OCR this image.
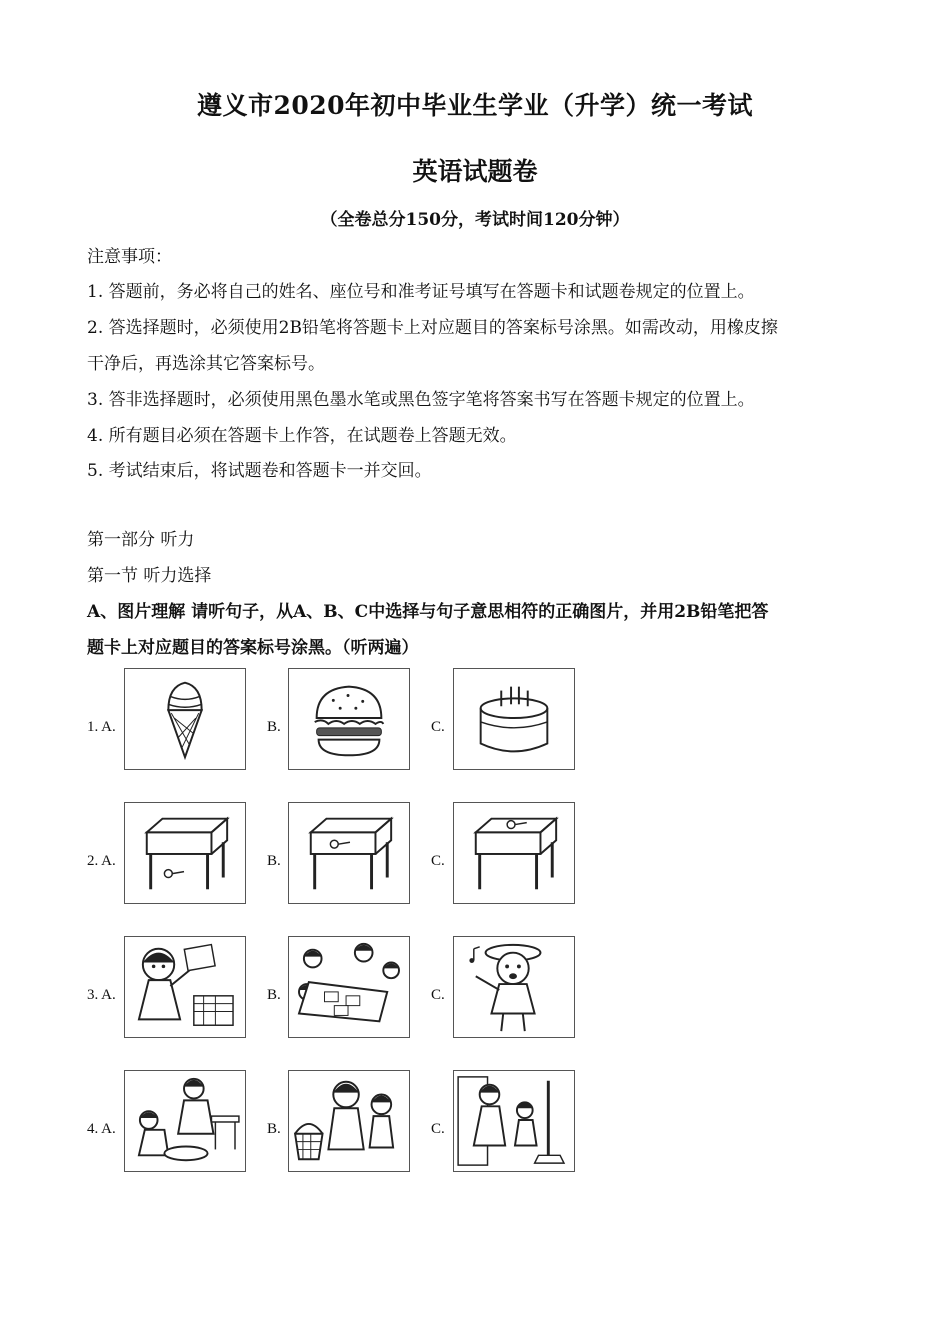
遵义市2020年初中毕业生学业（升学）统一考试
英语试题卷
（全卷总分150分，考试时间120分钟）
注意事项：
1. 答题前，务必将自己的姓名、座位号和准考证号填写在答题卡和试题卷规定的位置上。
2. 答选择题时，必须使用2B铅笔将答题卡上对应题目的答案标号涂黑。如需改动，用橡皮擦
干净后，再选涂其它答案标号。
3. 答非选择题时，必须使用黑色墨水笔或黑色签字笔将答案书写在答题卡规定的位置上。
4. 所有题目必须在答题卡上作答，在试题卷上答题无效。
5. 考试结束后，将试题卷和答题卡一并交回。
第一部分 听力
第一节 听力选择
A、图片理解 请听句子，从A、B、C中选择与句子意思相符的正确图片，并用2B铅笔把答
题卡上对应题目的答案标号涂黑。（听两遍）
1. A.	B.	C.
2. A.	B.	C.
3. A.	B.	C.
4. A.	B.	C.
